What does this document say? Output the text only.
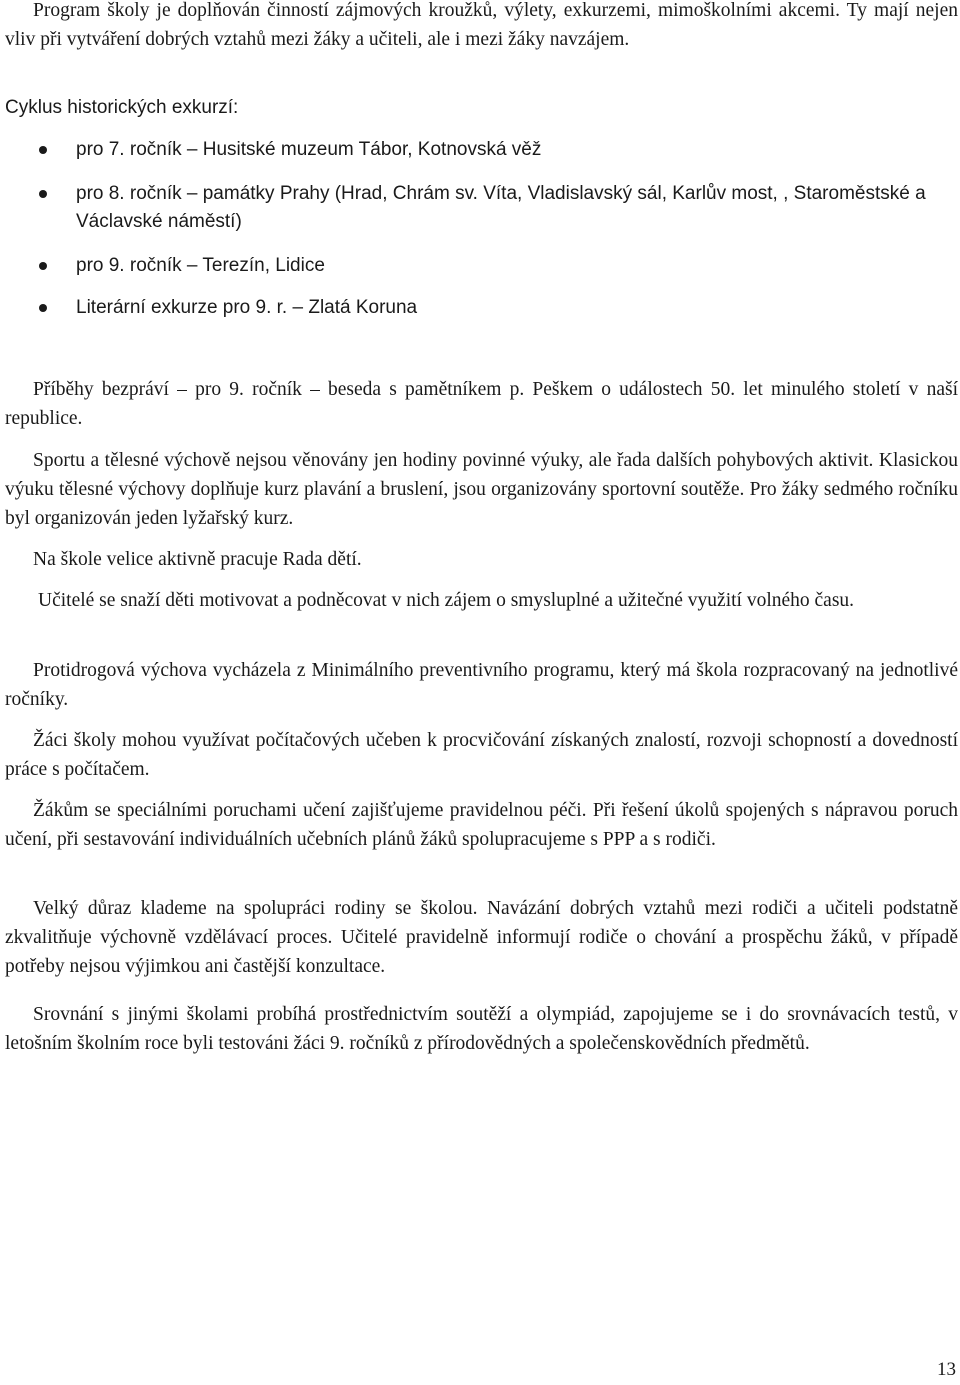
Program školy je doplňován činností zájmových kroužků, výlety, exkurzemi, mimoškolními akcemi. Ty mají nejen vliv při vytváření dobrých vztahů mezi žáky a učiteli, ale i mezi žáky navzájem.

Cyklus historických exkurzí:

pro 7. ročník – Husitské muzeum Tábor, Kotnovská věž
pro 8. ročník – památky Prahy (Hrad, Chrám sv. Víta, Vladislavský sál, Karlův most, , Staroměstské a Václavské náměstí)
pro 9. ročník – Terezín, Lidice
Literární exkurze pro 9. r. – Zlatá Koruna

Příběhy bezpráví – pro 9. ročník – beseda s pamětníkem p. Peškem o událostech 50. let minulého století v naší republice.

Sportu a tělesné výchově nejsou věnovány jen hodiny povinné výuky, ale řada dalších pohybových aktivit. Klasickou výuku tělesné výchovy doplňuje kurz plavání a bruslení, jsou organizovány sportovní soutěže. Pro žáky sedmého ročníku byl organizován jeden lyžařský kurz.

Na škole velice aktivně pracuje Rada dětí.

Učitelé se snaží děti motivovat a podněcovat v nich zájem o smysluplné a užitečné využití volného času.

Protidrogová výchova vycházela z Minimálního preventivního programu, který má škola rozpracovaný na jednotlivé ročníky.

Žáci školy mohou využívat počítačových učeben k procvičování získaných znalostí, rozvoji schopností a dovedností práce s počítačem.

Žákům se speciálními poruchami učení zajišťujeme pravidelnou péči. Při řešení úkolů spojených s nápravou poruch učení, při sestavování individuálních učebních plánů žáků spolupracujeme s PPP a s rodiči.

Velký důraz klademe na spolupráci rodiny se školou. Navázání dobrých vztahů mezi rodiči a učiteli podstatně zkvalitňuje výchovně vzdělávací proces. Učitelé pravidelně informují rodiče o chování a prospěchu žáků, v případě potřeby nejsou výjimkou ani častější konzultace.

Srovnání s jinými školami probíhá prostřednictvím soutěží a olympiád, zapojujeme se i do srovnávacích testů, v letošním školním roce byli testováni žáci 9. ročníků z přírodovědných a společenskovědních předmětů.

13
